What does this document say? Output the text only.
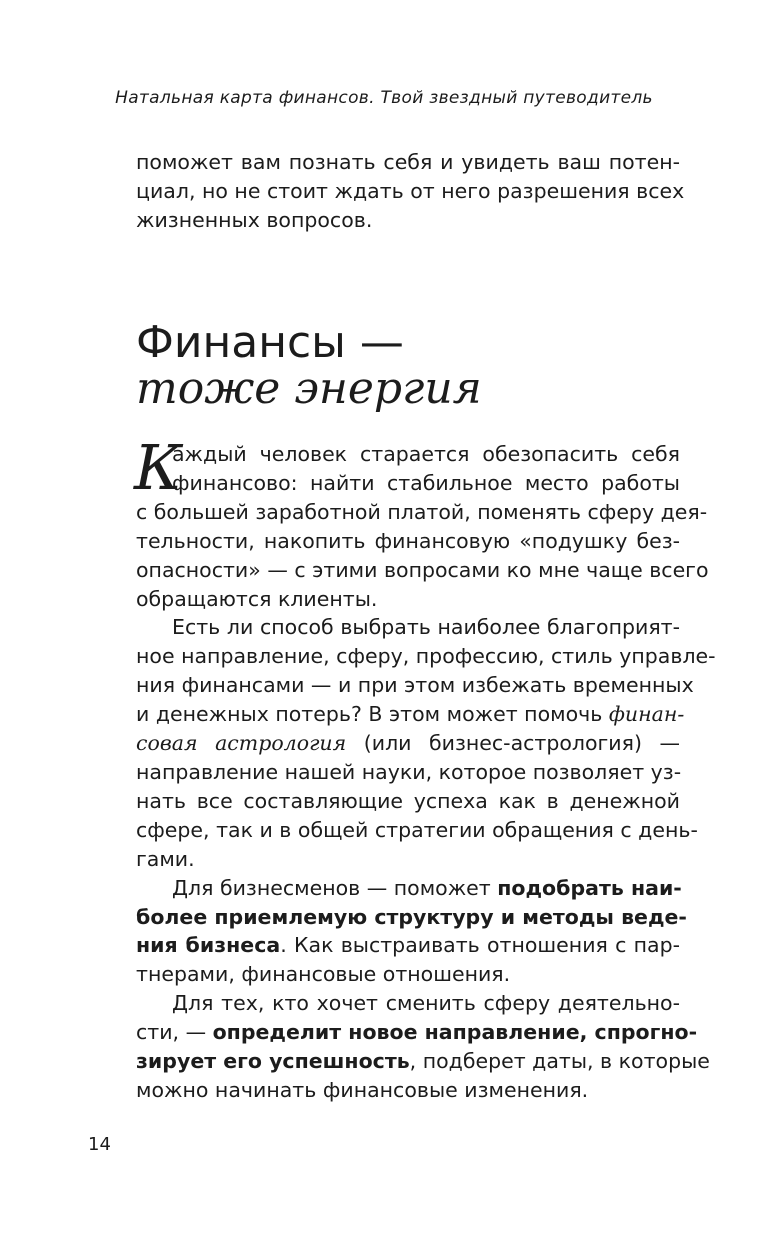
Натальная карта финансов. Твой звездный путеводитель
поможет вам познать себя и увидеть ваш потен-
циал, но не стоит ждать от него разрешения всех
жизненных вопросов.
Финансы —
тоже энергия
К
аждый человек старается обезопасить себя
финансово: найти стабильное место работы
с большей заработной платой, поменять сферу дея-
тельности, накопить финансовую «подушку без-
опасности» — с этими вопросами ко мне чаще всего
обращаются клиенты.
Есть ли способ выбрать наиболее благоприят-
ное направление, сферу, профессию, стиль управле-
ния финансами — и при этом избежать временных
и денежных потерь? В этом может помочь финан-
совая астрология (или бизнес-астрология) —
направление нашей науки, которое позволяет уз-
нать все составляющие успеха как в денежной
сфере, так и в общей стратегии обращения с день-
гами.
Для бизнесменов — поможет подобрать наи-
более приемлемую структуру и методы веде-
ния бизнеса. Как выстраивать отношения с пар-
тнерами, финансовые отношения.
Для тех, кто хочет сменить сферу деятельно-
сти, — определит новое направление, спрогно-
зирует его успешность, подберет даты, в которые
можно начинать финансовые изменения.
14
